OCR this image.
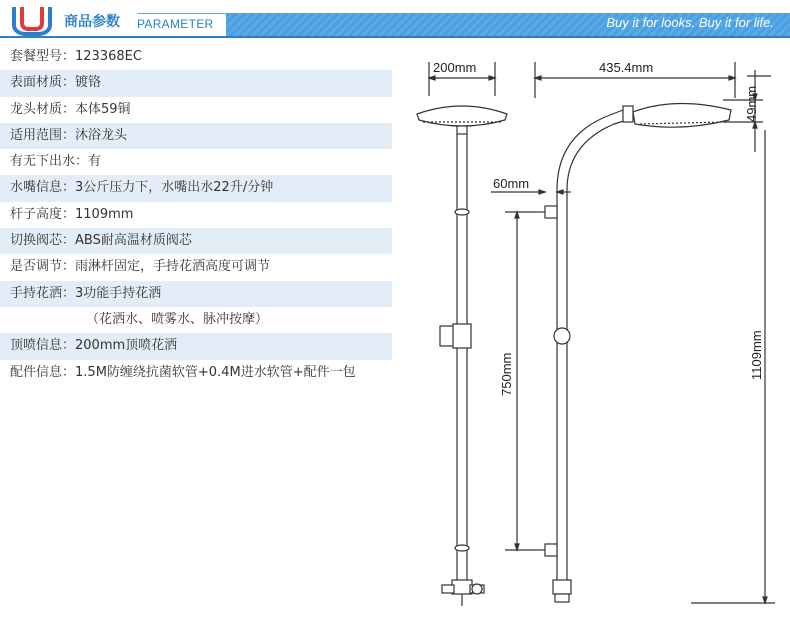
商品参数 PARAMETER	Buy it for looks. Buy it for life.
套餐型号：123368EC
表面材质：镀铬
龙头材质：本体59铜
适用范围：沐浴龙头
有无下出水：有
水嘴信息：3公斤压力下，水嘴出水22升/分钟
杆子高度：1109mm
切换阀芯：ABS耐高温材质阀芯
是否调节：雨淋杆固定，手持花洒高度可调节
手持花洒：3功能手持花洒
（花洒水、喷雾水、脉冲按摩）
顶喷信息：200mm顶喷花洒
配件信息：1.5M防缠绕抗菌软管+0.4M进水软管+配件一包
200mm	435.4mm
60mm
49mm
750mm	1109mm
